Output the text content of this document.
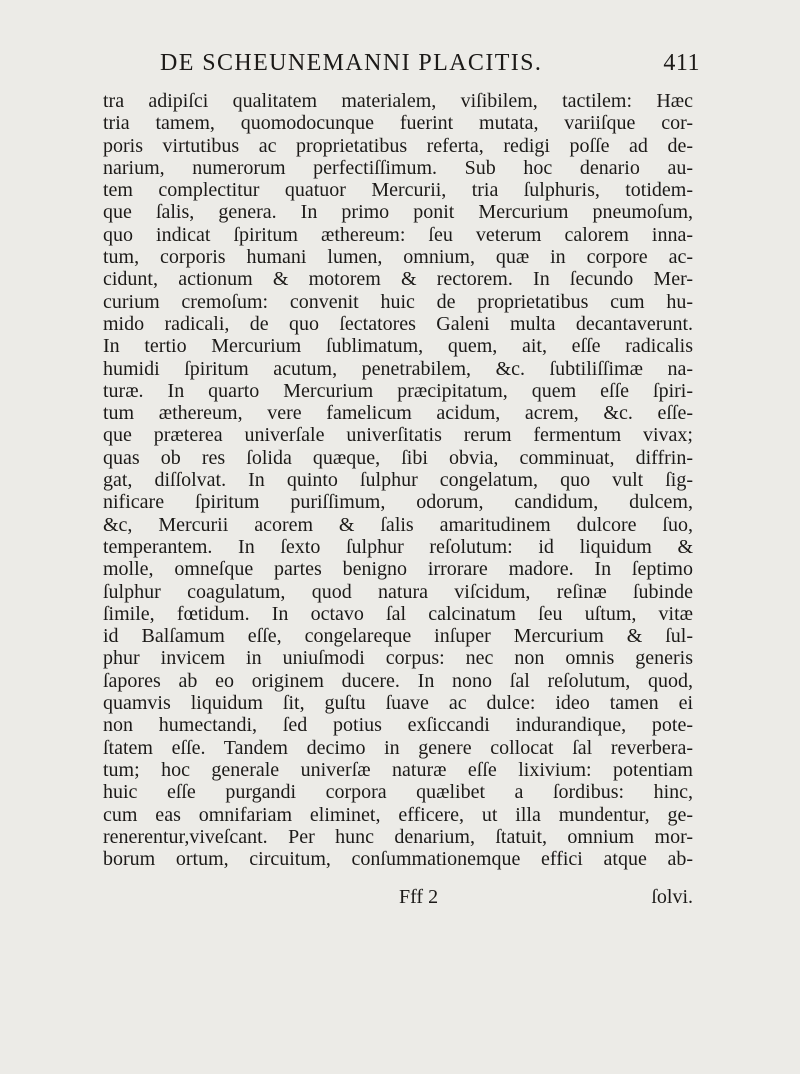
DE SCHEUNEMANNI PLACITIS.	411
tra adipiſci qualitatem materialem, viſibilem, tactilem: Hæc
tria tamem, quomodocunque fuerint mutata, variiſque cor-
poris virtutibus ac proprietatibus referta, redigi poſſe ad de-
narium, numerorum perfectiſſimum. Sub hoc denario au-
tem complectitur quatuor Mercurii, tria ſulphuris, totidem-
que ſalis, genera. In primo ponit Mercurium pneumoſum,
quo indicat ſpiritum æthereum: ſeu veterum calorem inna-
tum, corporis humani lumen, omnium, quæ in corpore ac-
cidunt, actionum & motorem & rectorem. In ſecundo Mer-
curium cremoſum: convenit huic de proprietatibus cum hu-
mido radicali, de quo ſectatores Galeni multa decantaverunt.
In tertio Mercurium ſublimatum, quem, ait, eſſe radicalis
humidi ſpiritum acutum, penetrabilem, &c. ſubtiliſſimæ na-
turæ. In quarto Mercurium præcipitatum, quem eſſe ſpiri-
tum æthereum, vere famelicum acidum, acrem, &c. eſſe-
que præterea univerſale univerſitatis rerum fermentum vivax;
quas ob res ſolida quæque, ſibi obvia, comminuat, diffrin-
gat, diſſolvat. In quinto ſulphur congelatum, quo vult ſig-
nificare ſpiritum puriſſimum, odorum, candidum, dulcem,
&c, Mercurii acorem & ſalis amaritudinem dulcore ſuo,
temperantem. In ſexto ſulphur reſolutum: id liquidum &
molle, omneſque partes benigno irrorare madore. In ſeptimo
ſulphur coagulatum, quod natura viſcidum, reſinæ ſubinde
ſimile, fœtidum. In octavo ſal calcinatum ſeu uſtum, vitæ
id Balſamum eſſe, congelareque inſuper Mercurium & ſul-
phur invicem in uniuſmodi corpus: nec non omnis generis
ſapores ab eo originem ducere. In nono ſal reſolutum, quod,
quamvis liquidum ſit, guſtu ſuave ac dulce: ideo tamen ei
non humectandi, ſed potius exſiccandi indurandique, pote-
ſtatem eſſe. Tandem decimo in genere collocat ſal reverbera-
tum; hoc generale univerſæ naturæ eſſe lixivium: potentiam
huic eſſe purgandi corpora quælibet a ſordibus: hinc,
cum eas omnifariam eliminet, efficere, ut illa mundentur, ge-
renerentur,viveſcant. Per hunc denarium, ſtatuit, omnium mor-
borum ortum, circuitum, conſummationemque effici atque ab-
Fff 2	ſolvi.
